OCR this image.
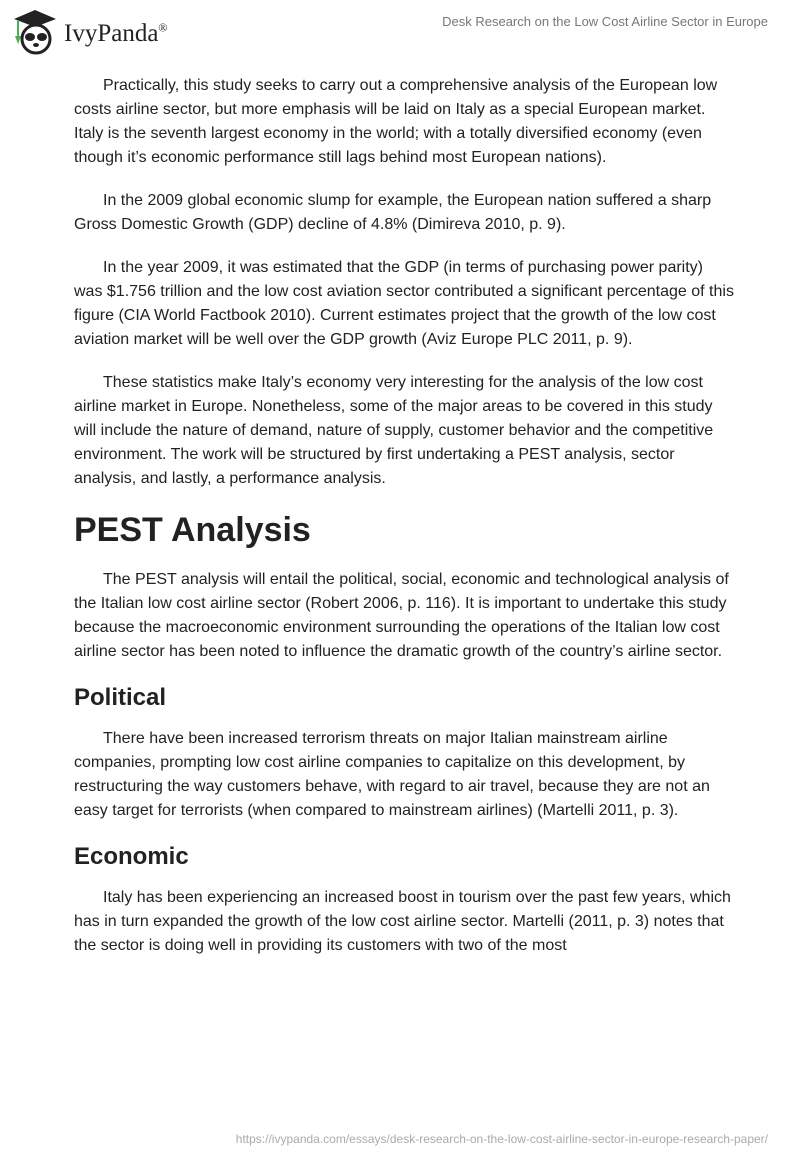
IvyPanda®	Desk Research on the Low Cost Airline Sector in Europe

Practically, this study seeks to carry out a comprehensive analysis of the European low costs airline sector, but more emphasis will be laid on Italy as a special European market. Italy is the seventh largest economy in the world; with a totally diversified economy (even though it’s economic performance still lags behind most European nations).

In the 2009 global economic slump for example, the European nation suffered a sharp Gross Domestic Growth (GDP) decline of 4.8% (Dimireva 2010, p. 9).

In the year 2009, it was estimated that the GDP (in terms of purchasing power parity) was $1.756 trillion and the low cost aviation sector contributed a significant percentage of this figure (CIA World Factbook 2010). Current estimates project that the growth of the low cost aviation market will be well over the GDP growth (Aviz Europe PLC 2011, p. 9).

These statistics make Italy’s economy very interesting for the analysis of the low cost airline market in Europe. Nonetheless, some of the major areas to be covered in this study will include the nature of demand, nature of supply, customer behavior and the competitive environment. The work will be structured by first undertaking a PEST analysis, sector analysis, and lastly, a performance analysis.

PEST Analysis

The PEST analysis will entail the political, social, economic and technological analysis of the Italian low cost airline sector (Robert 2006, p. 116). It is important to undertake this study because the macroeconomic environment surrounding the operations of the Italian low cost airline sector has been noted to influence the dramatic growth of the country’s airline sector.

Political

There have been increased terrorism threats on major Italian mainstream airline companies, prompting low cost airline companies to capitalize on this development, by restructuring the way customers behave, with regard to air travel, because they are not an easy target for terrorists (when compared to mainstream airlines) (Martelli 2011, p. 3).

Economic

Italy has been experiencing an increased boost in tourism over the past few years, which has in turn expanded the growth of the low cost airline sector. Martelli (2011, p. 3) notes that the sector is doing well in providing its customers with two of the most

https://ivypanda.com/essays/desk-research-on-the-low-cost-airline-sector-in-europe-research-paper/
